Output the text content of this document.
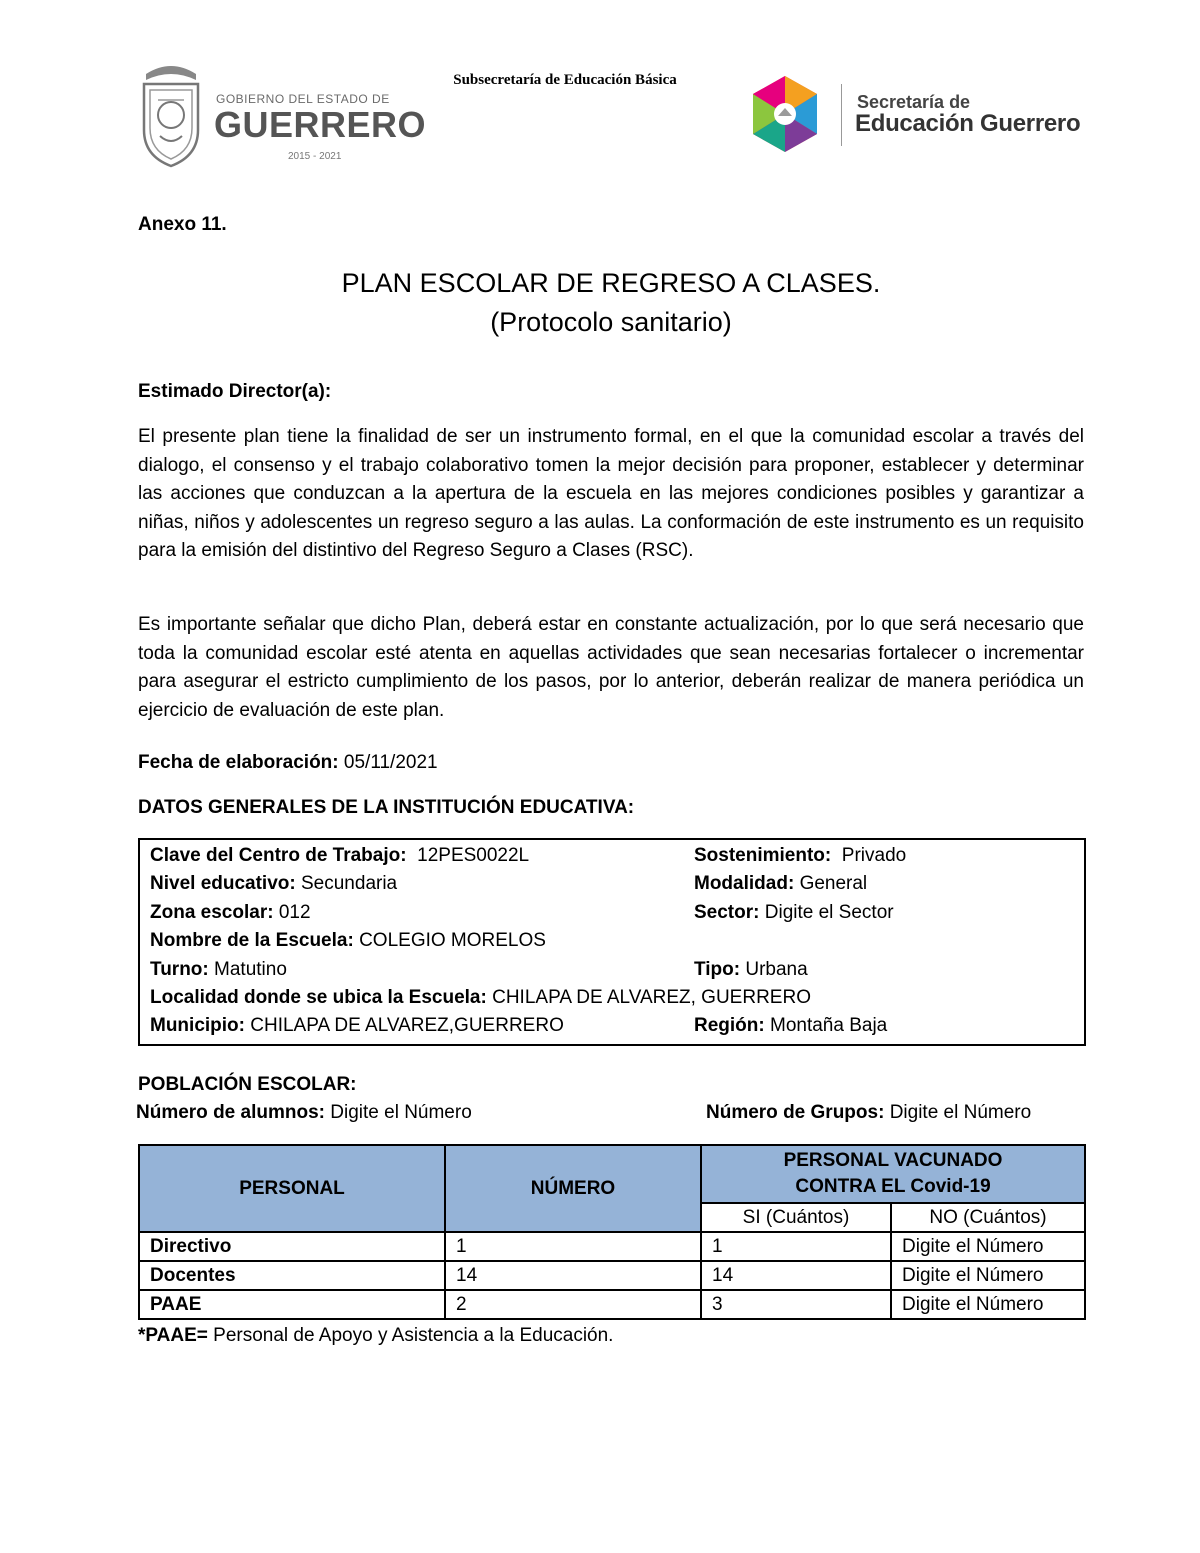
GOBIERNO DEL ESTADO DE
GUERRERO
2015 - 2021
Subsecretaría de Educación Básica
Secretaría de
Educación Guerrero
Anexo 11.
PLAN ESCOLAR DE REGRESO A CLASES.
(Protocolo sanitario)
Estimado Director(a):
El presente plan tiene la finalidad de ser un instrumento formal, en el que la comunidad escolar a través del dialogo, el consenso y el trabajo colaborativo tomen la mejor decisión para proponer, establecer y determinar las acciones que conduzcan a la apertura de la escuela en las mejores condiciones posibles y garantizar a niñas, niños y adolescentes un regreso seguro a las aulas. La conformación de este instrumento es un requisito para la emisión del distintivo del Regreso Seguro a Clases (RSC).
Es importante señalar que dicho Plan, deberá estar en constante actualización, por lo que será necesario que toda la comunidad escolar esté atenta en aquellas actividades que sean necesarias fortalecer o incrementar para asegurar el estricto cumplimiento de los pasos, por lo anterior, deberán realizar de manera periódica un ejercicio de evaluación de este plan.
Fecha de elaboración: 05/11/2021
DATOS GENERALES DE LA INSTITUCIÓN EDUCATIVA:
Clave del Centro de Trabajo: 12PES0022L	Sostenimiento: Privado
Nivel educativo: Secundaria	Modalidad: General
Zona escolar: 012	Sector: Digite el Sector
Nombre de la Escuela: COLEGIO MORELOS
Turno: Matutino	Tipo: Urbana
Localidad donde se ubica la Escuela: CHILAPA DE ALVAREZ, GUERRERO
Municipio: CHILAPA DE ALVAREZ,GUERRERO	Región: Montaña Baja
POBLACIÓN ESCOLAR:
Número de alumnos: Digite el Número	Número de Grupos: Digite el Número
PERSONAL	NÚMERO	PERSONAL VACUNADO
CONTRA EL Covid-19	

		SI (Cuántos)	NO (Cuántos)
Directivo	1	1	Digite el Número
Docentes	14	14	Digite el Número
PAAE	2	3	Digite el Número
*PAAE= Personal de Apoyo y Asistencia a la Educación.
